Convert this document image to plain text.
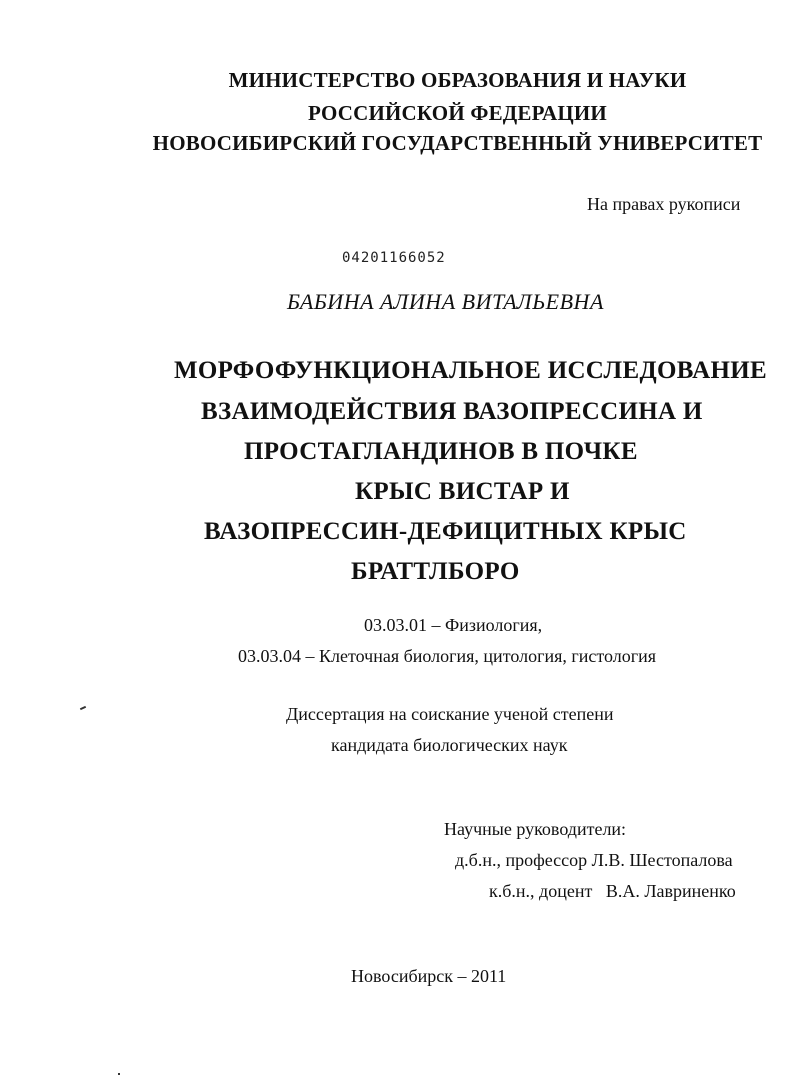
МИНИСТЕРСТВО ОБРАЗОВАНИЯ И НАУКИ
РОССИЙСКОЙ ФЕДЕРАЦИИ
НОВОСИБИРСКИЙ ГОСУДАРСТВЕННЫЙ УНИВЕРСИТЕТ
На правах рукописи
04201166052
БАБИНА АЛИНА ВИТАЛЬЕВНА
МОРФОФУНКЦИОНАЛЬНОЕ ИССЛЕДОВАНИЕ
ВЗАИМОДЕЙСТВИЯ ВАЗОПРЕССИНА И
ПРОСТАГЛАНДИНОВ В ПОЧКЕ
КРЫС ВИСТАР И
ВАЗОПРЕССИН-ДЕФИЦИТНЫХ КРЫС
БРАТТЛБОРО
03.03.01 – Физиология,
03.03.04 – Клеточная биология, цитология, гистология
Диссертация на соискание ученой степени
кандидата биологических наук
Научные руководители:
д.б.н., профессор Л.В. Шестопалова
к.б.н., доцент   В.А. Лавриненко
Новосибирск – 2011
